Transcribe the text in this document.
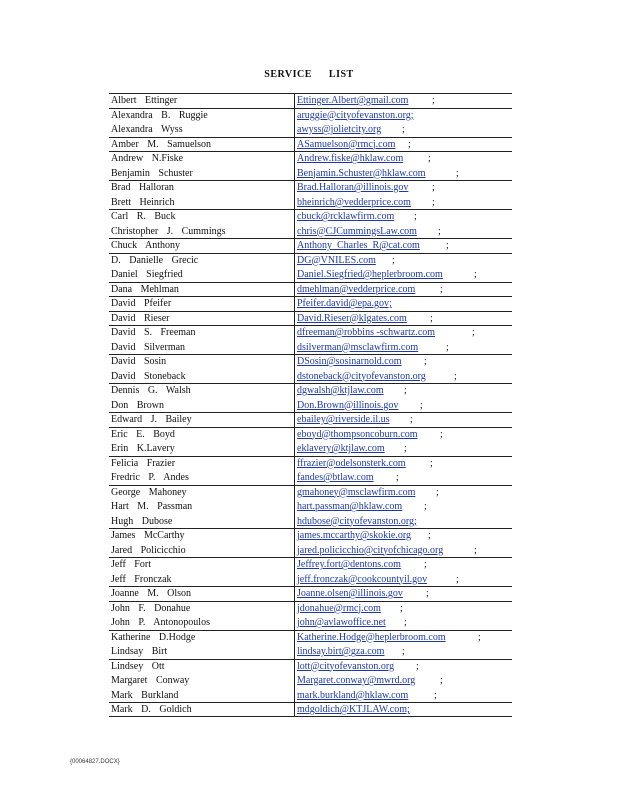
SERVICE LIST
Albert Ettinger	Ettinger.Albert@gmail.com ;
Alexandra B. Ruggie	aruggie@cityofevanston.org;
Alexandra Wyss	awyss@jolietcity.org ;
Amber M. Samuelson	ASamuelson@rmcj.com ;
Andrew N.Fiske	Andrew.fiske@hklaw.com ;
Benjamin Schuster	Benjamin.Schuster@hklaw.com	;
Brad Halloran	Brad.Halloran@illinois.gov ;
Brett Heinrich	bheinrich@vedderprice.com ;
Carl R. Buck	cbuck@rcklawfirm.com ;
Christopher J. Cummings	chris@CJCummingsLaw.com ;
Chuck Anthony	Anthony_Charles_R@cat.com	;
D. Danielle Grecic	DG@VNILES.com ;
Daniel Siegfried	Daniel.Siegfried@heplerbroom.com	;
Dana Mehlman	dmehlman@vedderprice.com ;
David Pfeifer	Pfeifer.david@epa.gov;
David Rieser	David.Rieser@klgates.com ;
David S. Freeman	dfreeman@robbins -schwartz.com	;
David Silverman	dsilverman@msclawfirm.com	;
David Sosin	DSosin@sosinarnold.com ;
David Stoneback	dstoneback@cityofevanston.org	;
Dennis G. Walsh	dgwalsh@ktjlaw.com ;
Don Brown	Don.Brown@illinois.gov ;
Edward J. Bailey	ebailey@riverside.il.us ;
Eric E. Boyd	eboyd@thompsoncoburn.com ;
Erin K.Lavery	eklavery@ktjlaw.com ;
Felicia Frazier	ffrazier@odelsonsterk.com ;
Fredric P. Andes	fandes@btlaw.com ;
George Mahoney	gmahoney@msclawfirm.com ;
Hart M. Passman	hart.passman@hklaw.com ;
Hugh Dubose	hdubose@cityofevanston.org;
James McCarthy	james.mccarthy@skokie.org ;
Jared Policicchio	jared.policicchio@cityofchicago.org	;
Jeff Fort	Jeffrey.fort@dentons.com ;
Jeff Fronczak	jeff.fronczak@cookcountyil.gov	;
Joanne M. Olson	Joanne.olsen@illinois.gov ;
John F. Donahue	jdonahue@rmcj.com ;
John P. Antonopoulos	john@avlawoffice.net ;
Katherine D.Hodge	Katherine.Hodge@heplerbroom.com	;
Lindsay Birt	lindsay.birt@gza.com ;
Lindsey Ott	lott@cityofevanston.org ;
Margaret Conway	Margaret.conway@mwrd.org ;
Mark Burkland	mark.burkland@hklaw.com	;
Mark D. Goldich	mdgoldich@KTJLAW.com;
{00064827.DOCX}
